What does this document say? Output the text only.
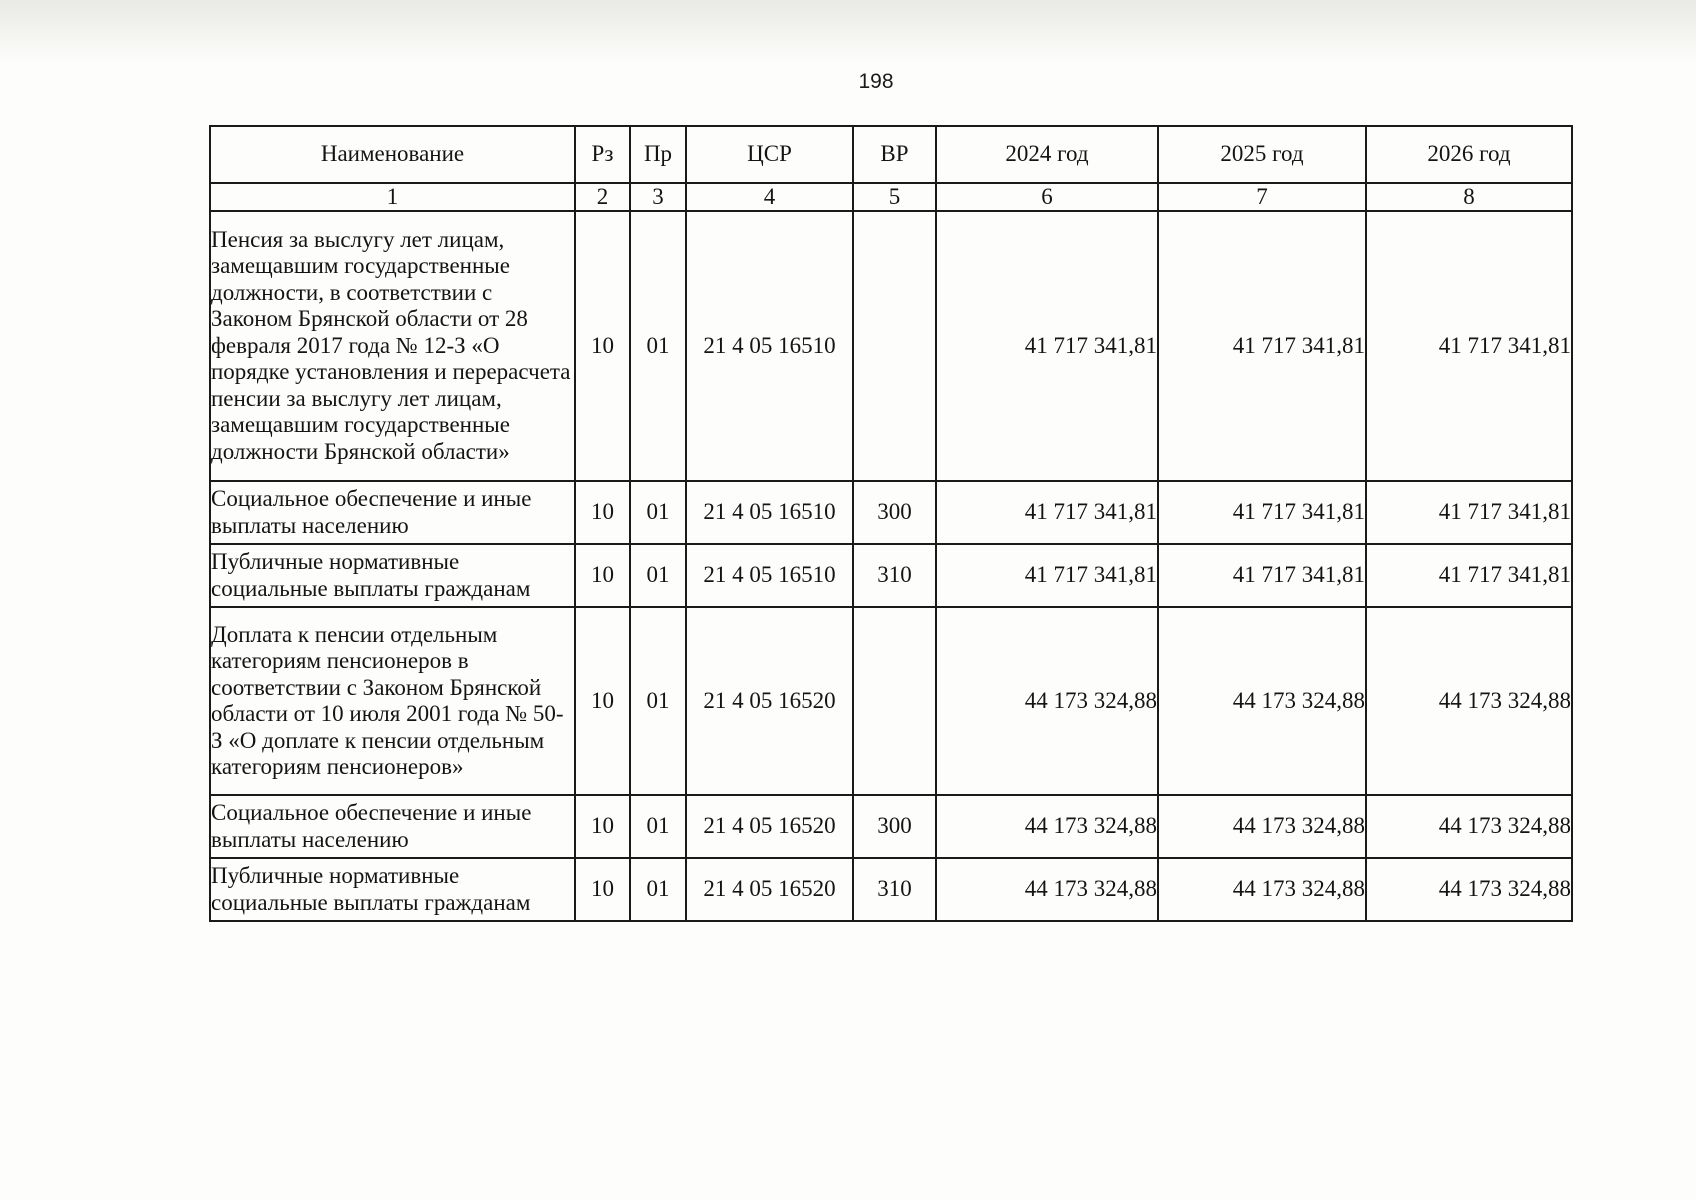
198
Наименование	Рз	Пр	ЦСР	ВР	2024 год	2025 год	2026 год
1	2	3	4	5	6	7	8
Пенсия за выслугу лет лицам, замещавшим государственные должности, в соответствии с Законом Брянской области от 28 февраля 2017 года № 12-З «О порядке установления и перерасчета пенсии за выслугу лет лицам, замещавшим государственные должности Брянской области»	10	01	21 4 05 16510		41 717 341,81	41 717 341,81	41 717 341,81
Социальное обеспечение и иные выплаты населению	10	01	21 4 05 16510	300	41 717 341,81	41 717 341,81	41 717 341,81
Публичные нормативные социальные выплаты гражданам	10	01	21 4 05 16510	310	41 717 341,81	41 717 341,81	41 717 341,81
Доплата к пенсии отдельным категориям пенсионеров в соответствии с Законом Брянской области от 10 июля 2001 года № 50-З «О доплате к пенсии отдельным категориям пенсионеров»	10	01	21 4 05 16520		44 173 324,88	44 173 324,88	44 173 324,88
Социальное обеспечение и иные выплаты населению	10	01	21 4 05 16520	300	44 173 324,88	44 173 324,88	44 173 324,88
Публичные нормативные социальные выплаты гражданам	10	01	21 4 05 16520	310	44 173 324,88	44 173 324,88	44 173 324,88
